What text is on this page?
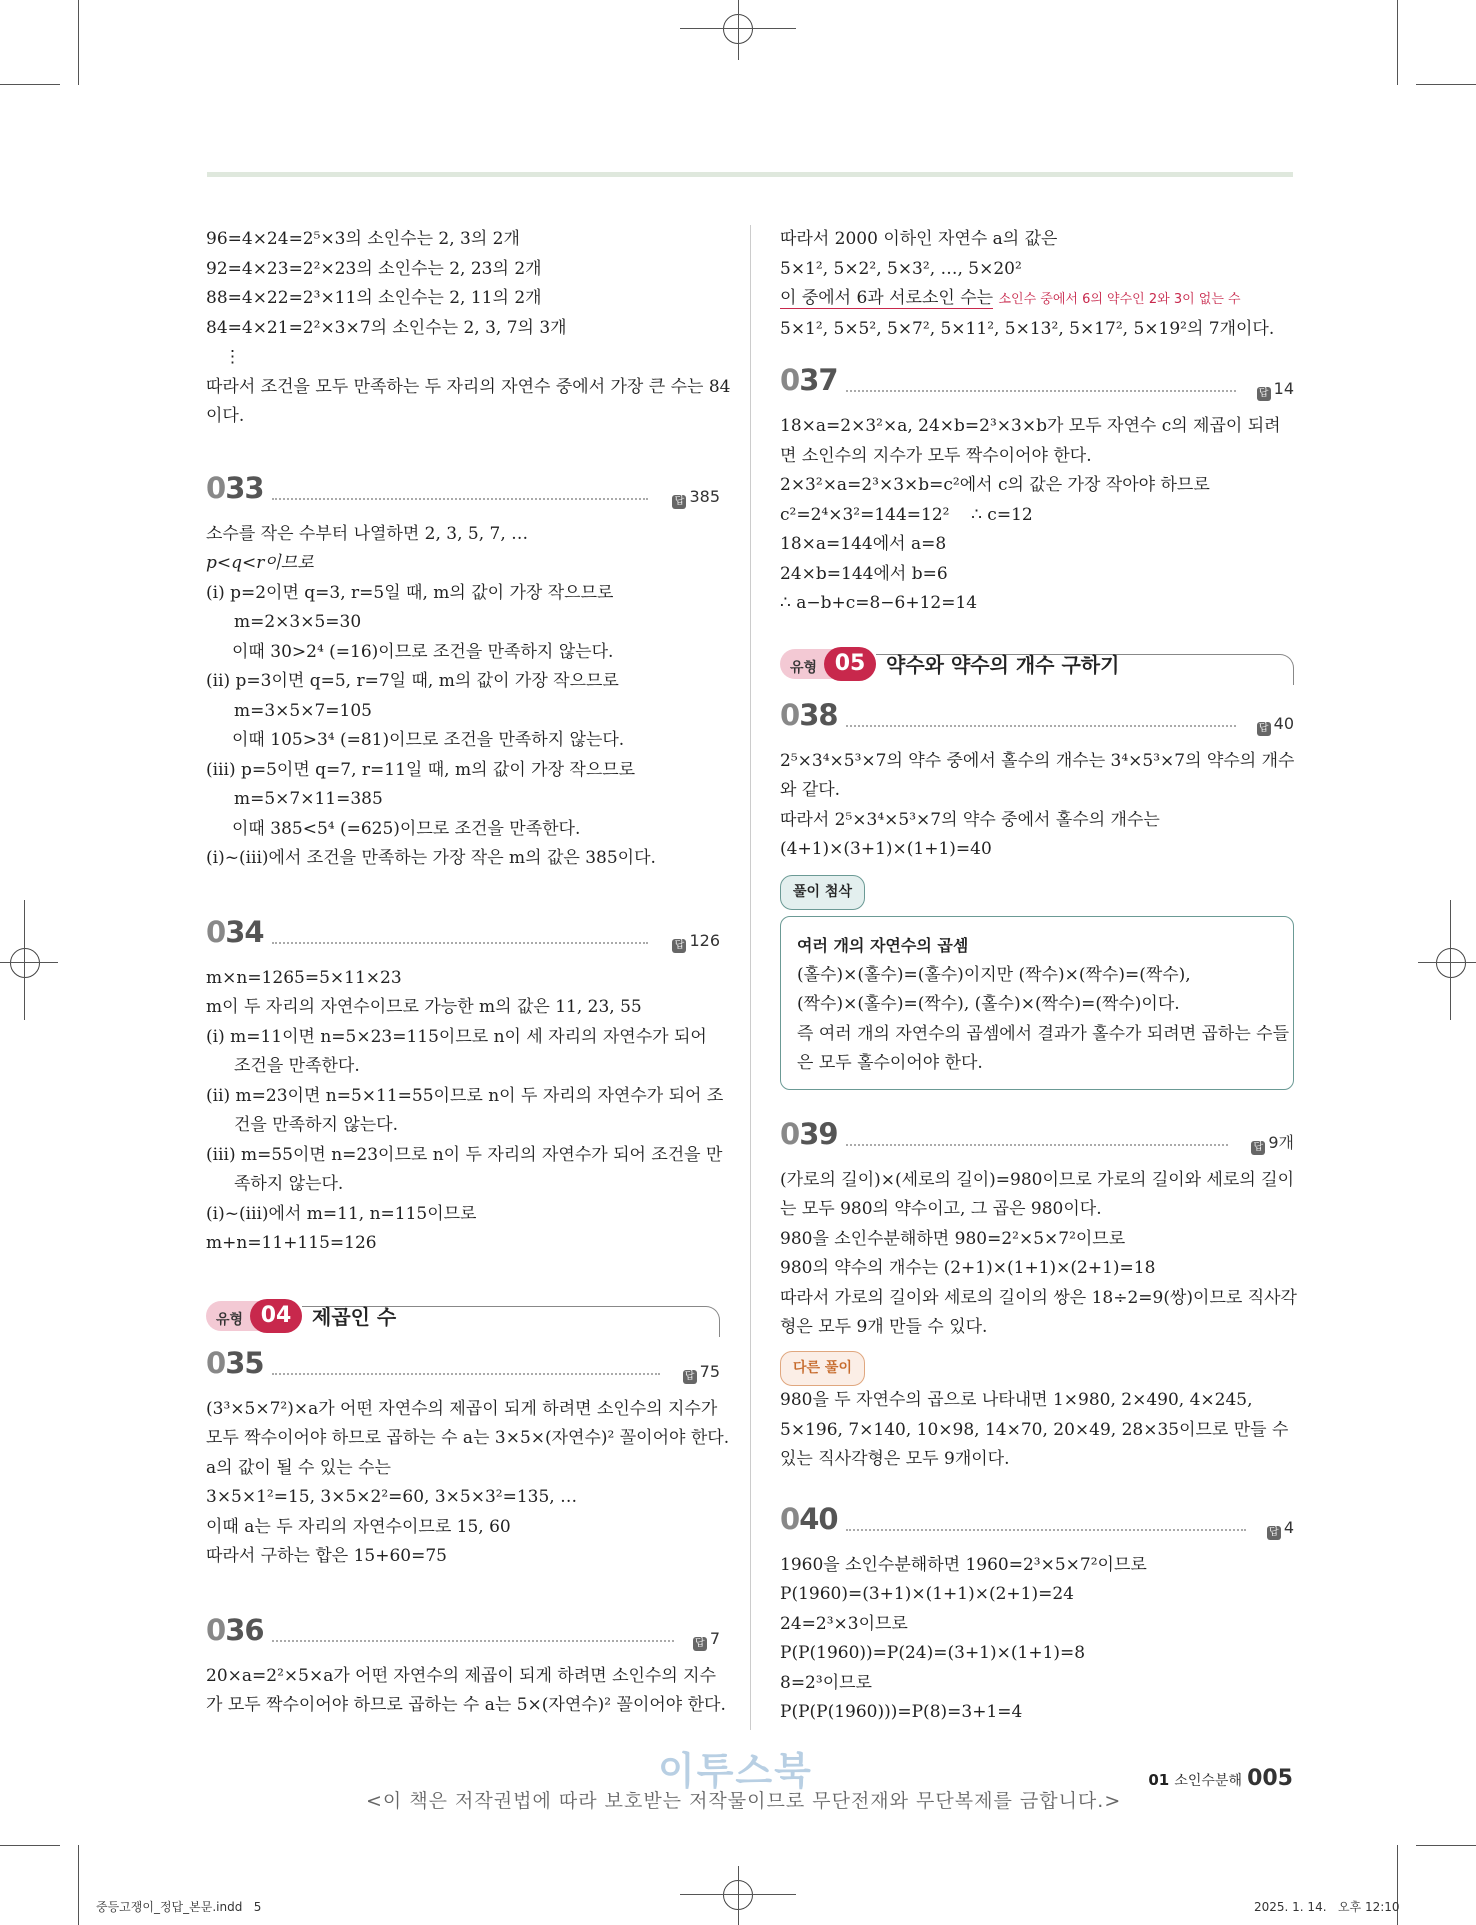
96=4×24=2⁵×3의 소인수는 2, 3의 2개
92=4×23=2²×23의 소인수는 2, 23의 2개
88=4×22=2³×11의 소인수는 2, 11의 2개
84=4×21=2²×3×7의 소인수는 2, 3, 7의 3개
⋮
따라서 조건을 모두 만족하는 두 자리의 자연수 중에서 가장 큰 수는 84
이다.
033	답 385
소수를 작은 수부터 나열하면 2, 3, 5, 7, …
p<q<r이므로
(ⅰ) p=2이면 q=3, r=5일 때, m의 값이 가장 작으므로
m=2×3×5=30
이때 30>2⁴ (=16)이므로 조건을 만족하지 않는다.
(ⅱ) p=3이면 q=5, r=7일 때, m의 값이 가장 작으므로
m=3×5×7=105
이때 105>3⁴ (=81)이므로 조건을 만족하지 않는다.
(ⅲ) p=5이면 q=7, r=11일 때, m의 값이 가장 작으므로
m=5×7×11=385
이때 385<5⁴ (=625)이므로 조건을 만족한다.
(ⅰ)~(ⅲ)에서 조건을 만족하는 가장 작은 m의 값은 385이다.
034	답 126
m×n=1265=5×11×23
m이 두 자리의 자연수이므로 가능한 m의 값은 11, 23, 55
(ⅰ) m=11이면 n=5×23=115이므로 n이 세 자리의 자연수가 되어
조건을 만족한다.
(ⅱ) m=23이면 n=5×11=55이므로 n이 두 자리의 자연수가 되어 조
건을 만족하지 않는다.
(ⅲ) m=55이면 n=23이므로 n이 두 자리의 자연수가 되어 조건을 만
족하지 않는다.
(ⅰ)~(ⅲ)에서 m=11, n=115이므로
m+n=11+115=126
유형 04	제곱인 수
035	답 75
(3³×5×7²)×a가 어떤 자연수의 제곱이 되게 하려면 소인수의 지수가
모두 짝수이어야 하므로 곱하는 수 a는 3×5×(자연수)² 꼴이어야 한다.
a의 값이 될 수 있는 수는
3×5×1²=15, 3×5×2²=60, 3×5×3²=135, …
이때 a는 두 자리의 자연수이므로 15, 60
따라서 구하는 합은 15+60=75
036	답 7
20×a=2²×5×a가 어떤 자연수의 제곱이 되게 하려면 소인수의 지수
가 모두 짝수이어야 하므로 곱하는 수 a는 5×(자연수)² 꼴이어야 한다.
따라서 2000 이하인 자연수 a의 값은
5×1², 5×2², 5×3², …, 5×20²
이 중에서 6과 서로소인 수는 소인수 중에서 6의 약수인 2와 3이 없는 수
5×1², 5×5², 5×7², 5×11², 5×13², 5×17², 5×19²의 7개이다.
037	답 14
18×a=2×3²×a, 24×b=2³×3×b가 모두 자연수 c의 제곱이 되려
면 소인수의 지수가 모두 짝수이어야 한다.
2×3²×a=2³×3×b=c²에서 c의 값은 가장 작아야 하므로
c²=2⁴×3²=144=12²    ∴ c=12
18×a=144에서 a=8
24×b=144에서 b=6
∴ a−b+c=8−6+12=14
유형 05	약수와 약수의 개수 구하기
038	답 40
2⁵×3⁴×5³×7의 약수 중에서 홀수의 개수는 3⁴×5³×7의 약수의 개수
와 같다.
따라서 2⁵×3⁴×5³×7의 약수 중에서 홀수의 개수는
(4+1)×(3+1)×(1+1)=40
풀이 첨삭
여러 개의 자연수의 곱셈
(홀수)×(홀수)=(홀수)이지만 (짝수)×(짝수)=(짝수),
(짝수)×(홀수)=(짝수), (홀수)×(짝수)=(짝수)이다.
즉 여러 개의 자연수의 곱셈에서 결과가 홀수가 되려면 곱하는 수들
은 모두 홀수이어야 한다.
039	답 9개
(가로의 길이)×(세로의 길이)=980이므로 가로의 길이와 세로의 길이
는 모두 980의 약수이고, 그 곱은 980이다.
980을 소인수분해하면 980=2²×5×7²이므로
980의 약수의 개수는 (2+1)×(1+1)×(2+1)=18
따라서 가로의 길이와 세로의 길이의 쌍은 18÷2=9(쌍)이므로 직사각
형은 모두 9개 만들 수 있다.
다른 풀이
980을 두 자연수의 곱으로 나타내면 1×980, 2×490, 4×245,
5×196, 7×140, 10×98, 14×70, 20×49, 28×35이므로 만들 수
있는 직사각형은 모두 9개이다.
040	답 4
1960을 소인수분해하면 1960=2³×5×7²이므로
P(1960)=(3+1)×(1+1)×(2+1)=24
24=2³×3이므로
P(P(1960))=P(24)=(3+1)×(1+1)=8
8=2³이므로
P(P(P(1960)))=P(8)=3+1=4
이투스북
<이 책은 저작권법에 따라 보호받는 저작물이므로 무단전재와 무단복제를 금합니다.>
01 소인수분해 005
중등고쟁이_정답_본문.indd   5	2025. 1. 14.   오후 12:10
